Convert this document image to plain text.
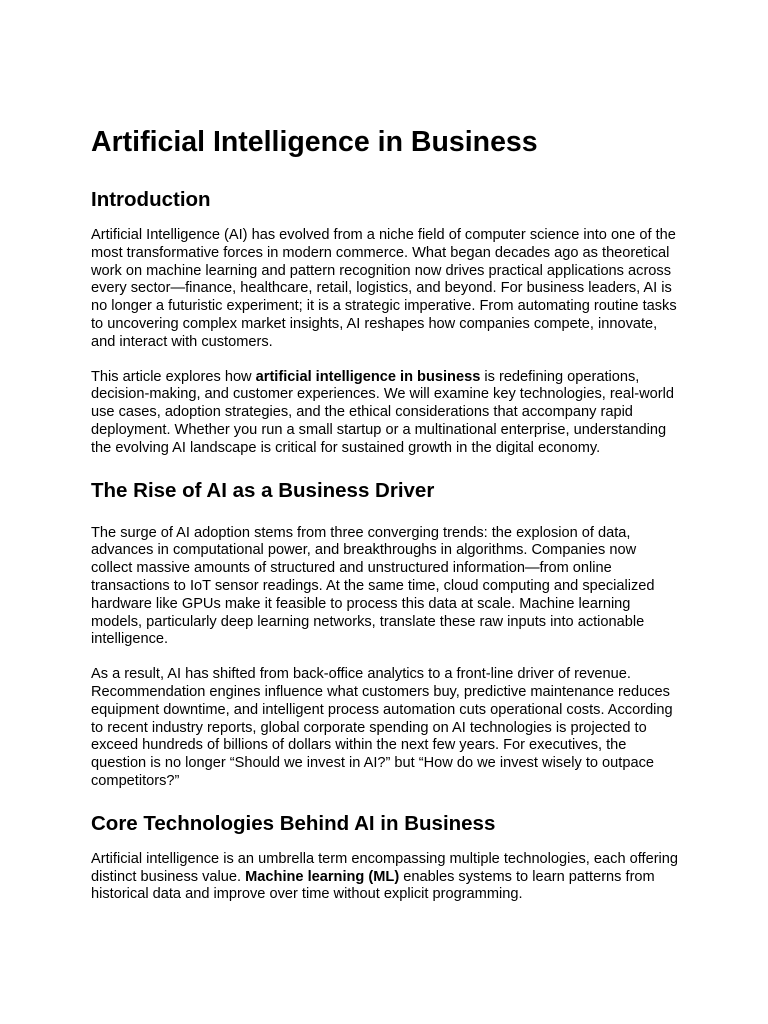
Artificial Intelligence in Business
Introduction

Artificial Intelligence (AI) has evolved from a niche field of computer science into one of the most transformative forces in modern commerce. What began decades ago as theoretical work on machine learning and pattern recognition now drives practical applications across every sector—finance, healthcare, retail, logistics, and beyond. For business leaders, AI is no longer a futuristic experiment; it is a strategic imperative. From automating routine tasks to uncovering complex market insights, AI reshapes how companies compete, innovate, and interact with customers.

This article explores how artificial intelligence in business is redefining operations, decision-making, and customer experiences. We will examine key technologies, real-world use cases, adoption strategies, and the ethical considerations that accompany rapid deployment. Whether you run a small startup or a multinational enterprise, understanding the evolving AI landscape is critical for sustained growth in the digital economy.

The Rise of AI as a Business Driver

The surge of AI adoption stems from three converging trends: the explosion of data, advances in computational power, and breakthroughs in algorithms. Companies now collect massive amounts of structured and unstructured information—from online transactions to IoT sensor readings. At the same time, cloud computing and specialized hardware like GPUs make it feasible to process this data at scale. Machine learning models, particularly deep learning networks, translate these raw inputs into actionable intelligence.

As a result, AI has shifted from back-office analytics to a front-line driver of revenue. Recommendation engines influence what customers buy, predictive maintenance reduces equipment downtime, and intelligent process automation cuts operational costs. According to recent industry reports, global corporate spending on AI technologies is projected to exceed hundreds of billions of dollars within the next few years. For executives, the question is no longer “Should we invest in AI?” but “How do we invest wisely to outpace competitors?”

Core Technologies Behind AI in Business

Artificial intelligence is an umbrella term encompassing multiple technologies, each offering distinct business value. Machine learning (ML) enables systems to learn patterns from historical data and improve over time without explicit programming.
